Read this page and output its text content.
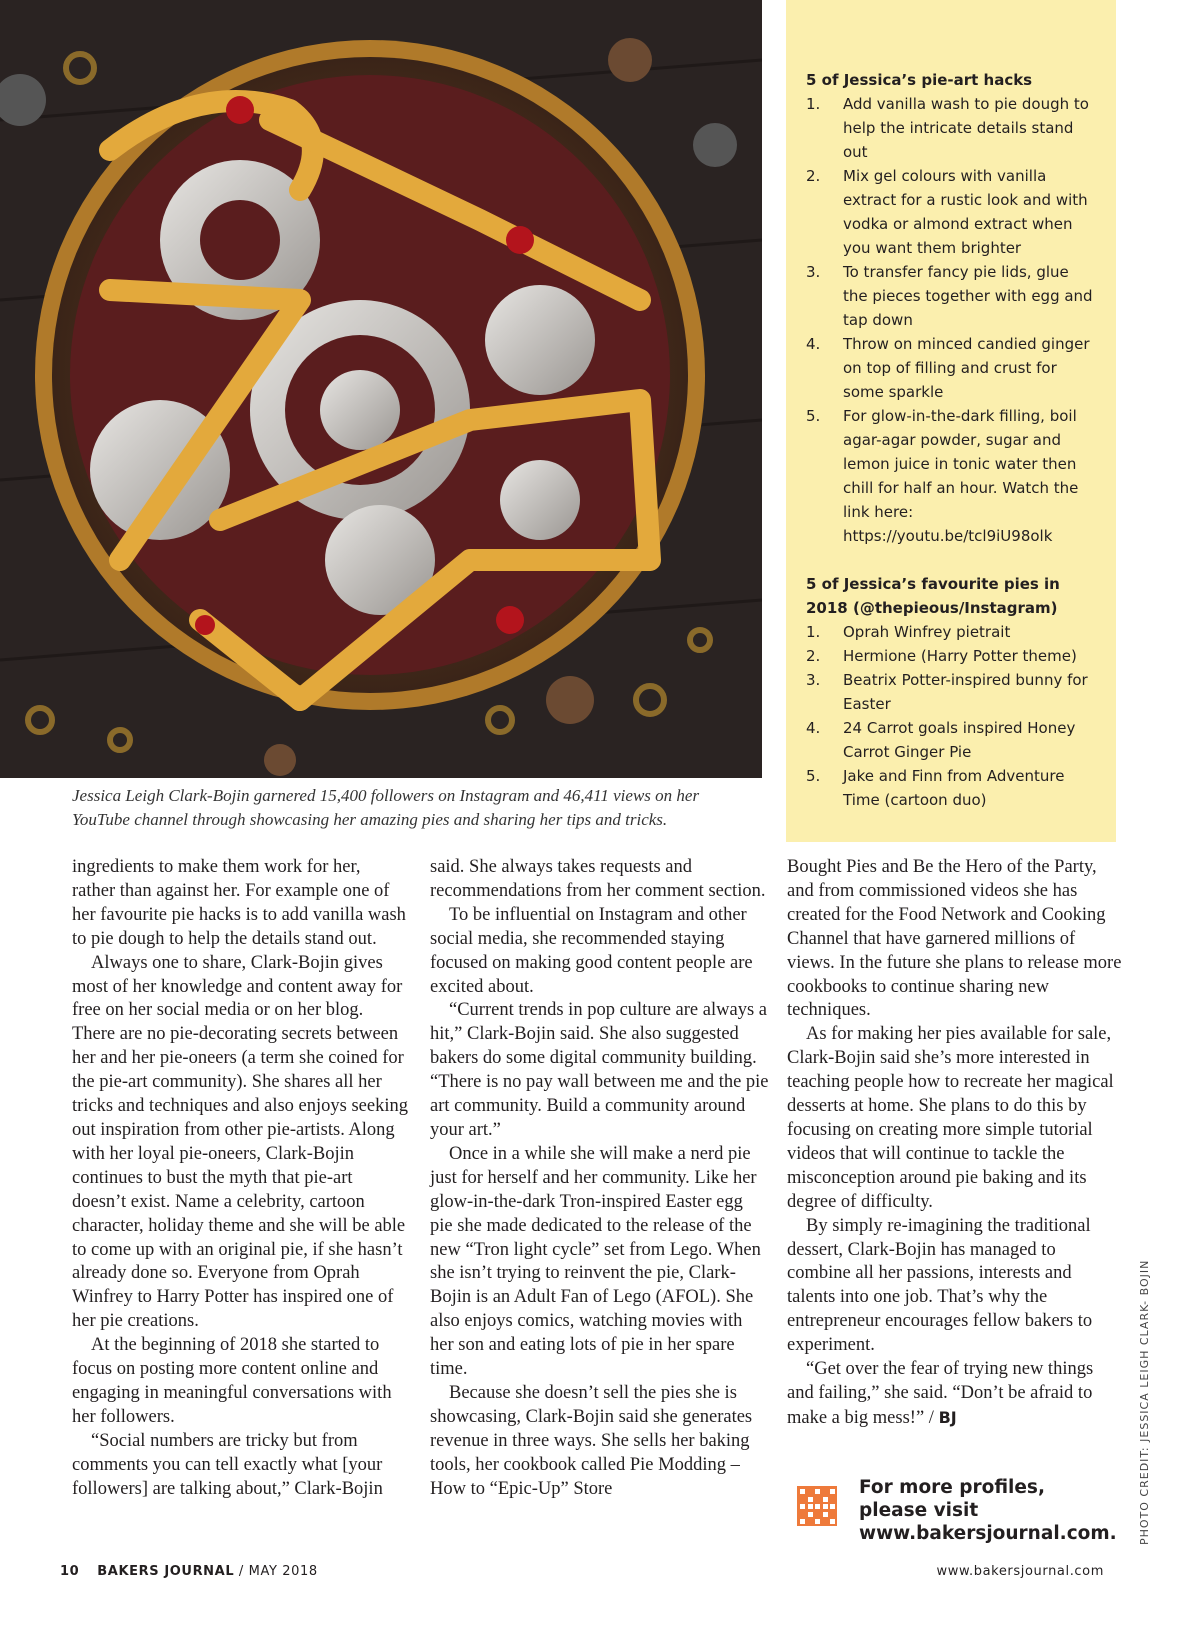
Jessica Leigh Clark-Bojin garnered 15,400 followers on Instagram and 46,411 views on her YouTube channel through showcasing her amazing pies and sharing her tips and tricks.

5 of Jessica’s pie-art hacks

1.	Add vanilla wash to pie dough to help the intricate details stand out
2.	Mix gel colours with vanilla extract for a rustic look and with vodka or almond extract when you want them brighter
3.	To transfer fancy pie lids, glue the pieces together with egg and tap down
4.	Throw on minced candied ginger on top of filling and crust for some sparkle
5.	For glow-in-the-dark filling, boil agar-agar powder, sugar and lemon juice in tonic water then chill for half an hour. Watch the link here: https://youtu.be/tcl9iU98olk

5 of Jessica’s favourite pies in 2018 (@thepieous/Instagram)

1.	Oprah Winfrey pietrait
2.	Hermione (Harry Potter theme)
3.	Beatrix Potter-inspired bunny for Easter
4.	24 Carrot goals inspired Honey Carrot Ginger Pie
5.	Jake and Finn from Adventure Time (cartoon duo)

ingredients to make them work for her, rather than against her. For example one of her favourite pie hacks is to add vanilla wash to pie dough to help the details stand out.

Always one to share, Clark-Bojin gives most of her knowledge and content away for free on her social media or on her blog. There are no pie-decorating secrets between her and her pie-oneers (a term she coined for the pie-art community). She shares all her tricks and techniques and also enjoys seeking out inspiration from other pie-artists. Along with her loyal pie-oneers, Clark-Bojin continues to bust the myth that pie-art doesn’t exist. Name a celebrity, cartoon character, holiday theme and she will be able to come up with an original pie, if she hasn’t already done so. Everyone from Oprah Winfrey to Harry Potter has inspired one of her pie creations.

At the beginning of 2018 she started to focus on posting more content online and engaging in meaningful conversations with her followers.

“Social numbers are tricky but from comments you can tell exactly what [your followers] are talking about,” Clark-Bojin

said. She always takes requests and recommendations from her comment section.

To be influential on Instagram and other social media, she recommended staying focused on making good content people are excited about.

“Current trends in pop culture are always a hit,” Clark-Bojin said. She also suggested bakers do some digital community building. “There is no pay wall between me and the pie art community. Build a community around your art.”

Once in a while she will make a nerd pie just for herself and her community. Like her glow-in-the-dark Tron-inspired Easter egg pie she made dedicated to the release of the new “Tron light cycle” set from Lego. When she isn’t trying to reinvent the pie, Clark-Bojin is an Adult Fan of Lego (AFOL). She also enjoys comics, watching movies with her son and eating lots of pie in her spare time.

Because she doesn’t sell the pies she is showcasing, Clark-Bojin said she generates revenue in three ways. She sells her baking tools, her cookbook called Pie Modding – How to “Epic-Up” Store

Bought Pies and Be the Hero of the Party, and from commissioned videos she has created for the Food Network and Cooking Channel that have garnered millions of views. In the future she plans to release more cookbooks to continue sharing new techniques.

As for making her pies available for sale, Clark-Bojin said she’s more interested in teaching people how to recreate her magical desserts at home. She plans to do this by focusing on creating more simple tutorial videos that will continue to tackle the misconception around pie baking and its degree of difficulty.

By simply re-imagining the traditional dessert, Clark-Bojin has managed to combine all her passions, interests and talents into one job. That’s why the entrepreneur encourages fellow bakers to experiment.

“Get over the fear of trying new things and failing,” she said. “Don’t be afraid to make a big mess!” / BJ

For more profiles,
please visit
www.bakersjournal.com.	PHOTO CREDIT: JESSICA LEIGH CLARK- BOJIN
10 BAKERS JOURNAL / MAY 2018	www.bakersjournal.com
